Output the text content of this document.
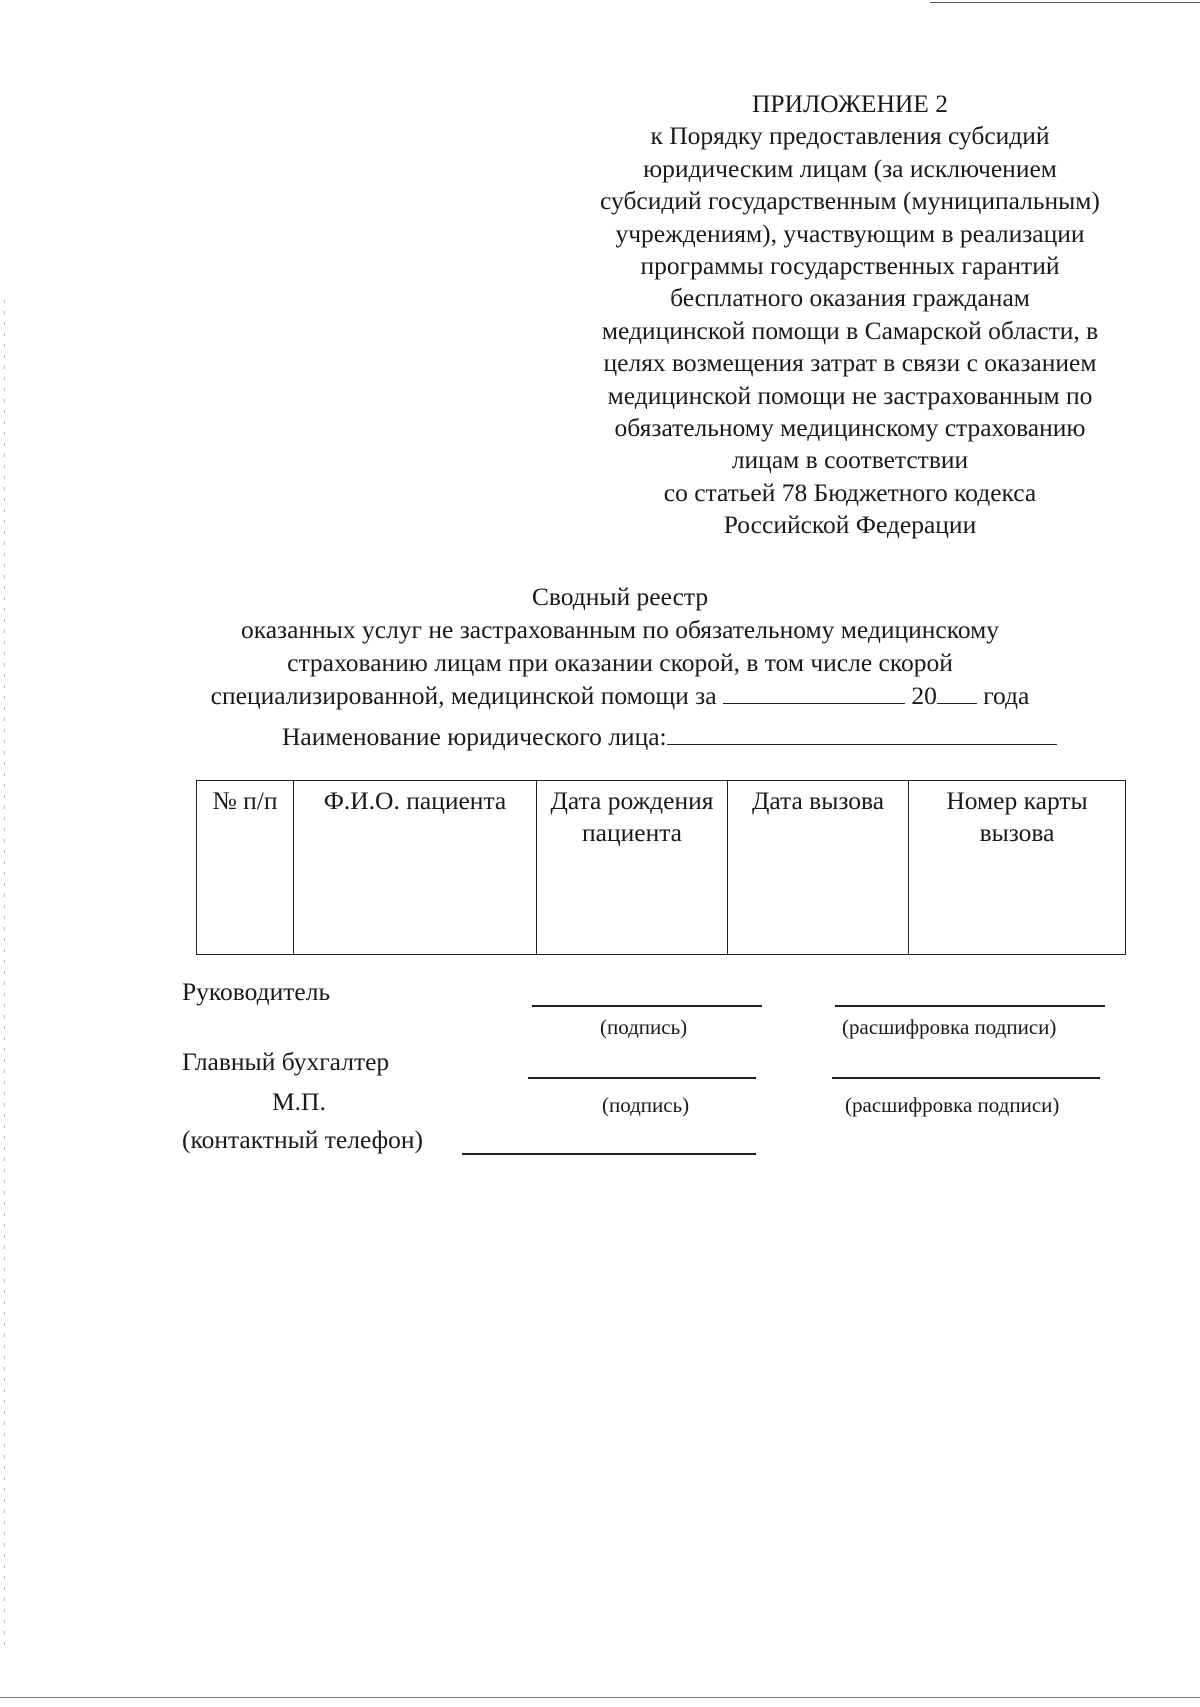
ПРИЛОЖЕНИЕ 2
к Порядку предоставления субсидий
юридическим лицам (за исключением
субсидий государственным (муниципальным)
учреждениям), участвующим в реализации
программы государственных гарантий
бесплатного оказания гражданам
медицинской помощи в Самарской области, в
целях возмещения затрат в связи с оказанием
медицинской помощи не застрахованным по
обязательному медицинскому страхованию
лицам в соответствии
со статьей 78 Бюджетного кодекса
Российской Федерации
Сводный реестр
оказанных услуг не застрахованным по обязательному медицинскому
страхованию лицам при оказании скорой, в том числе скорой
специализированной, медицинской помощи за	20 года
Наименование юридического лица:
№ п/п	Ф.И.О. пациента	Дата рождения пациента	Дата вызова	Номер карты вызова
Руководитель
(подпись)	(расшифровка подписи)
Главный бухгалтер
М.П.	(подпись)	(расшифровка подписи)
(контактный телефон)
